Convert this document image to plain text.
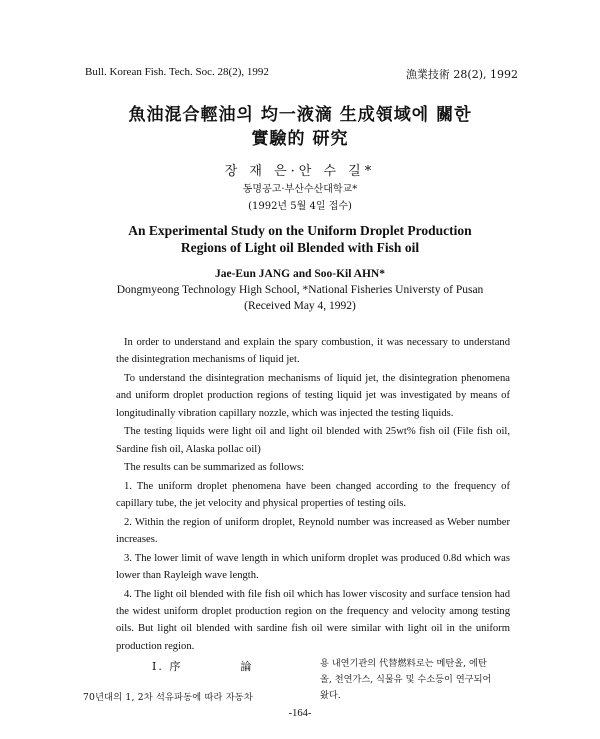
Bull. Korean Fish. Tech. Soc. 28(2), 1992	漁業技術 28(2), 1992
魚油混合輕油의 均一液滴 生成領域에 關한
實驗的 研究
장 재 은·안 수 길*
동명공고·부산수산대학교*
(1992년 5월 4일 접수)
An Experimental Study on the Uniform Droplet Production
Regions of Light oil Blended with Fish oil
Jae-Eun JANG and Soo-Kil AHN*
Dongmyeong Technology High School, *National Fisheries Universty of Pusan
(Received May 4, 1992)

In order to understand and explain the spary combustion, it was necessary to understand the disintegration mechanisms of liquid jet.

To understand the disintegration mechanisms of liquid jet, the disintegration phenomena and uniform droplet production regions of testing liquid jet was investigated by means of longitudinally vibration capillary nozzle, which was injected the testing liquids.

The testing liquids were light oil and light oil blended with 25wt% fish oil (File fish oil, Sardine fish oil, Alaska pollac oil)

The results can be summarized as follows:

1. The uniform droplet phenomena have been changed according to the frequency of capillary tube, the jet velocity and physical properties of testing oils.

2. Within the region of uniform droplet, Reynold number was increased as Weber number increases.

3. The lower limit of wave length in which uniform droplet was produced 0.8d which was lower than Rayleigh wave length.

4. The light oil blended with file fish oil which has lower viscosity and surface tension had the widest uniform droplet production region on the frequency and velocity among testing oils. But light oil blended with sardine fish oil were similar with light oil in the uniform production region.

Ⅰ. 序	論
70년대의 1, 2차 석유파동에 따라 자동차
용 내연기관의 代替燃料로는 메탄올, 에탄
올, 천연가스, 식물유 및 수소등이 연구되어
왔다.
-164-
